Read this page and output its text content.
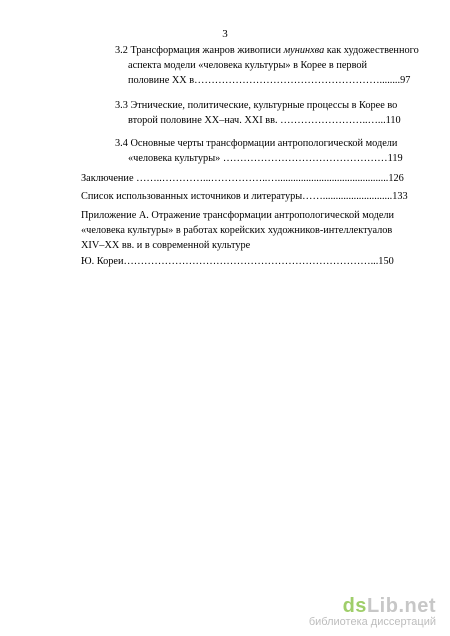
3
3.2 Трансформация жанров живописи мунинхва как художественного
аспекта модели «человека культуры» в Корее в первой
половине XX в………………………………………………........97
3.3 Этнические, политические, культурные процессы в Корее во
второй половине XX–нач. XXI вв. ……………………..…...110
3.4 Основные черты трансформации антропологической модели
«человека культуры» …………………………………………119
Заключение ……..…………...……………..…...........................................126
Список использованных источников и литературы……...........................133
Приложение А. Отражение трансформации антропологической модели
«человека культуры» в работах корейских художников-интеллектуалов
XIV–XX вв. и в современной культуре
Ю. Кореи………………………………………………………………...150
dsLib.net
библиотека диссертаций
